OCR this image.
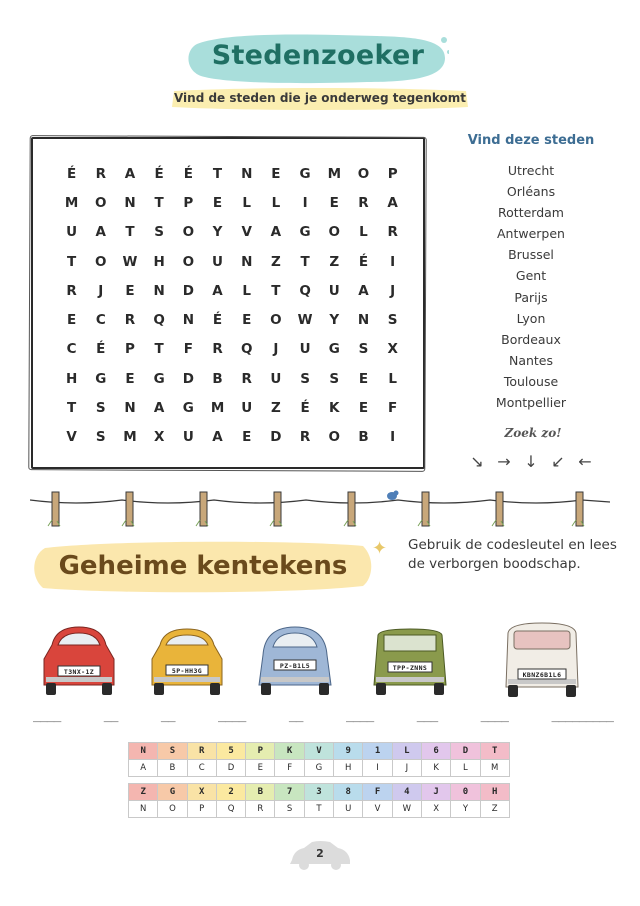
Stedenzoeker
Vind de steden die je onderweg tegenkomt
É	R	A	É	É	T	N	E	G	M	O	P
M	O	N	T	P	E	L	L	I	E	R	A
U	A	T	S	O	Y	V	A	G	O	L	R
T	O	W	H	O	U	N	Z	T	Z	É	I
R	J	E	N	D	A	L	T	Q	U	A	J
E	C	R	Q	N	É	E	O	W	Y	N	S
C	É	P	T	F	R	Q	J	U	G	S	X
H	G	E	G	D	B	R	U	S	S	E	L
T	S	N	A	G	M	U	Z	É	K	E	F
V	S	M	X	U	A	E	D	R	O	B	I
Vind deze steden
Utrecht
Orléans
Rotterdam
Antwerpen
Brussel
Gent
Parijs
Lyon
Bordeaux
Nantes
Toulouse
Montpellier
Zoek zo!
↘ → ↓ ↙ ←
Geheime kentekens
✦ Gebruik de codesleutel en lees de verborgen boodschap.
T3NX-1Z	5P-HH3G
PZ-B1L5	TPP-ZNNS
KBNZ6B1L6
____	__	__	____	__	____	___	____	_________
N	S	R	5	P	K	V	9	1	L	6	D	T
A	B	C	D	E	F	G	H	I	J	K	L	M

Z	G	X	2	B	7	3	8	F	4	J	0	H
N	O	P	Q	R	S	T	U	V	W	X	Y	Z
2
